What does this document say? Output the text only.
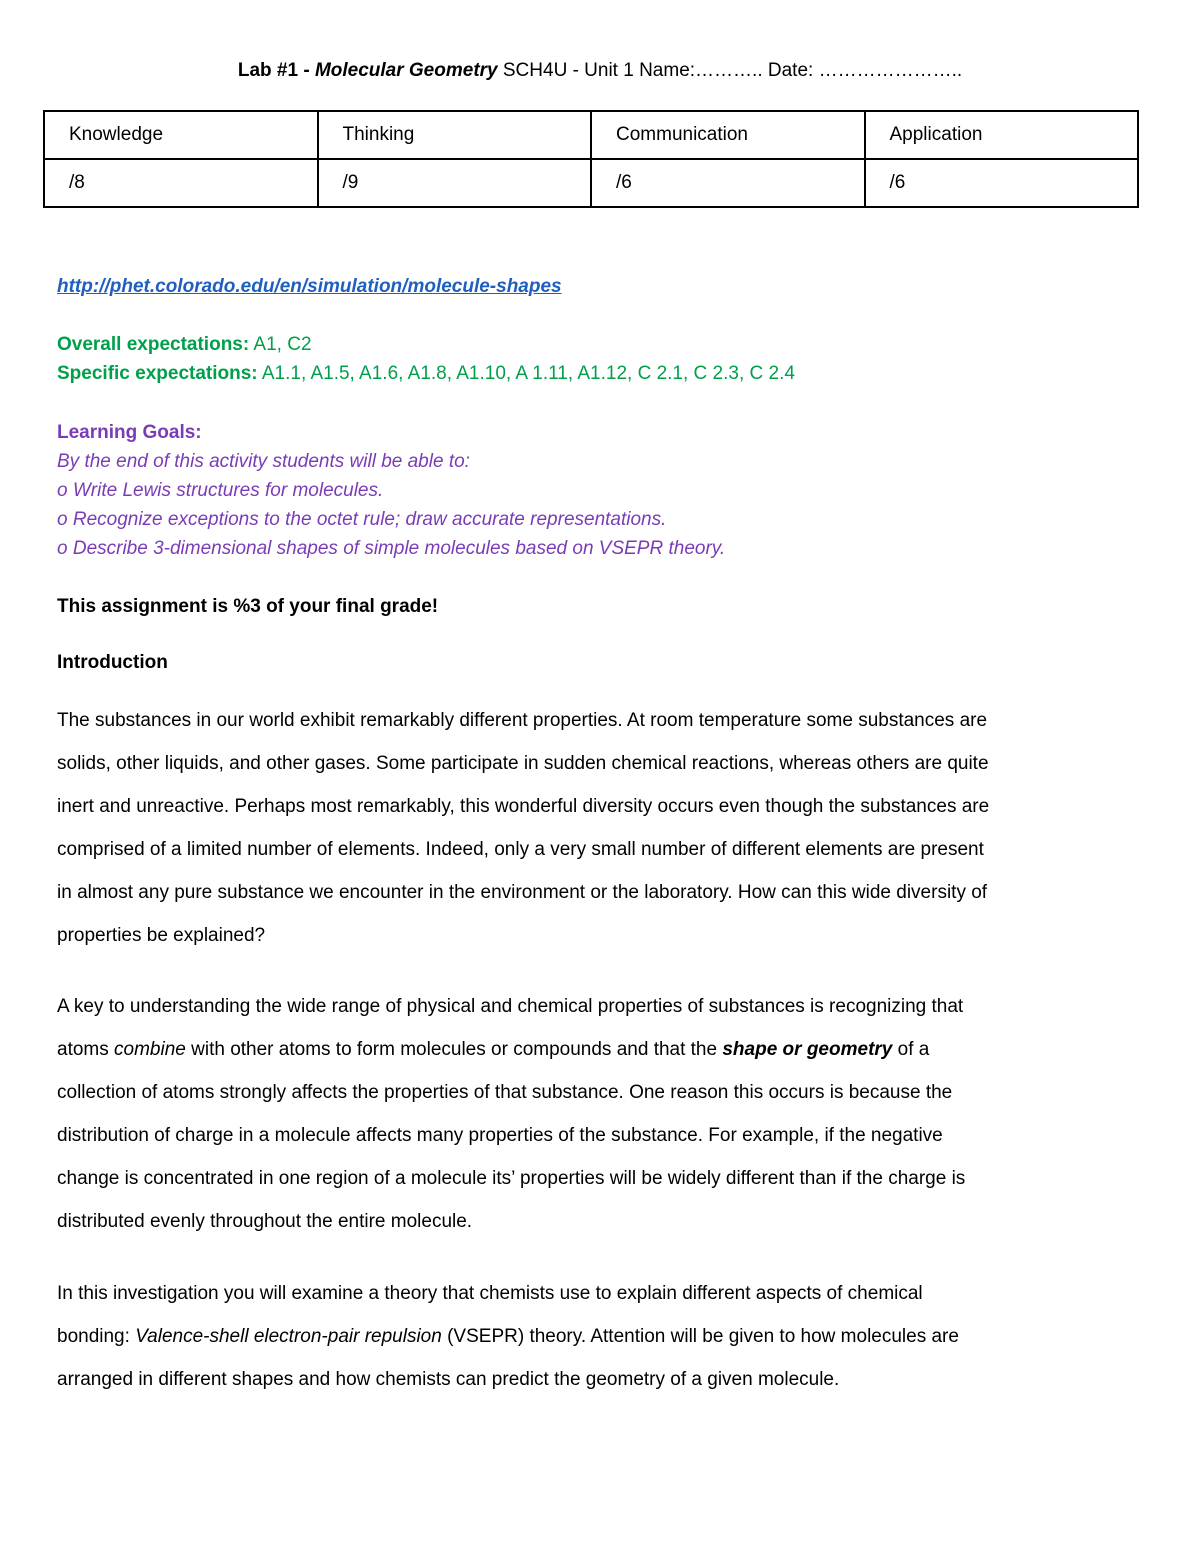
Lab #1 - Molecular Geometry SCH4U - Unit 1 Name:……….. Date: …………………..
Knowledge	Thinking	Communication	Application
/8	/9	/6	/6
http://phet.colorado.edu/en/simulation/molecule-shapes
Overall expectations: A1, C2
Specific expectations: A1.1, A1.5, A1.6, A1.8, A1.10, A 1.11, A1.12, C 2.1, C 2.3, C 2.4
Learning Goals:
By the end of this activity students will be able to:
o Write Lewis structures for molecules.
o Recognize exceptions to the octet rule; draw accurate representations.
o Describe 3-dimensional shapes of simple molecules based on VSEPR theory.
This assignment is %3 of your final grade!
Introduction
The substances in our world exhibit remarkably different properties. At room temperature some substances are
solids, other liquids, and other gases. Some participate in sudden chemical reactions, whereas others are quite
inert and unreactive. Perhaps most remarkably, this wonderful diversity occurs even though the substances are
comprised of a limited number of elements. Indeed, only a very small number of different elements are present
in almost any pure substance we encounter in the environment or the laboratory. How can this wide diversity of
properties be explained?
A key to understanding the wide range of physical and chemical properties of substances is recognizing that
atoms combine with other atoms to form molecules or compounds and that the shape or geometry of a
collection of atoms strongly affects the properties of that substance. One reason this occurs is because the
distribution of charge in a molecule affects many properties of the substance. For example, if the negative
change is concentrated in one region of a molecule its’ properties will be widely different than if the charge is
distributed evenly throughout the entire molecule.
In this investigation you will examine a theory that chemists use to explain different aspects of chemical
bonding: Valence-shell electron-pair repulsion (VSEPR) theory. Attention will be given to how molecules are
arranged in different shapes and how chemists can predict the geometry of a given molecule.
